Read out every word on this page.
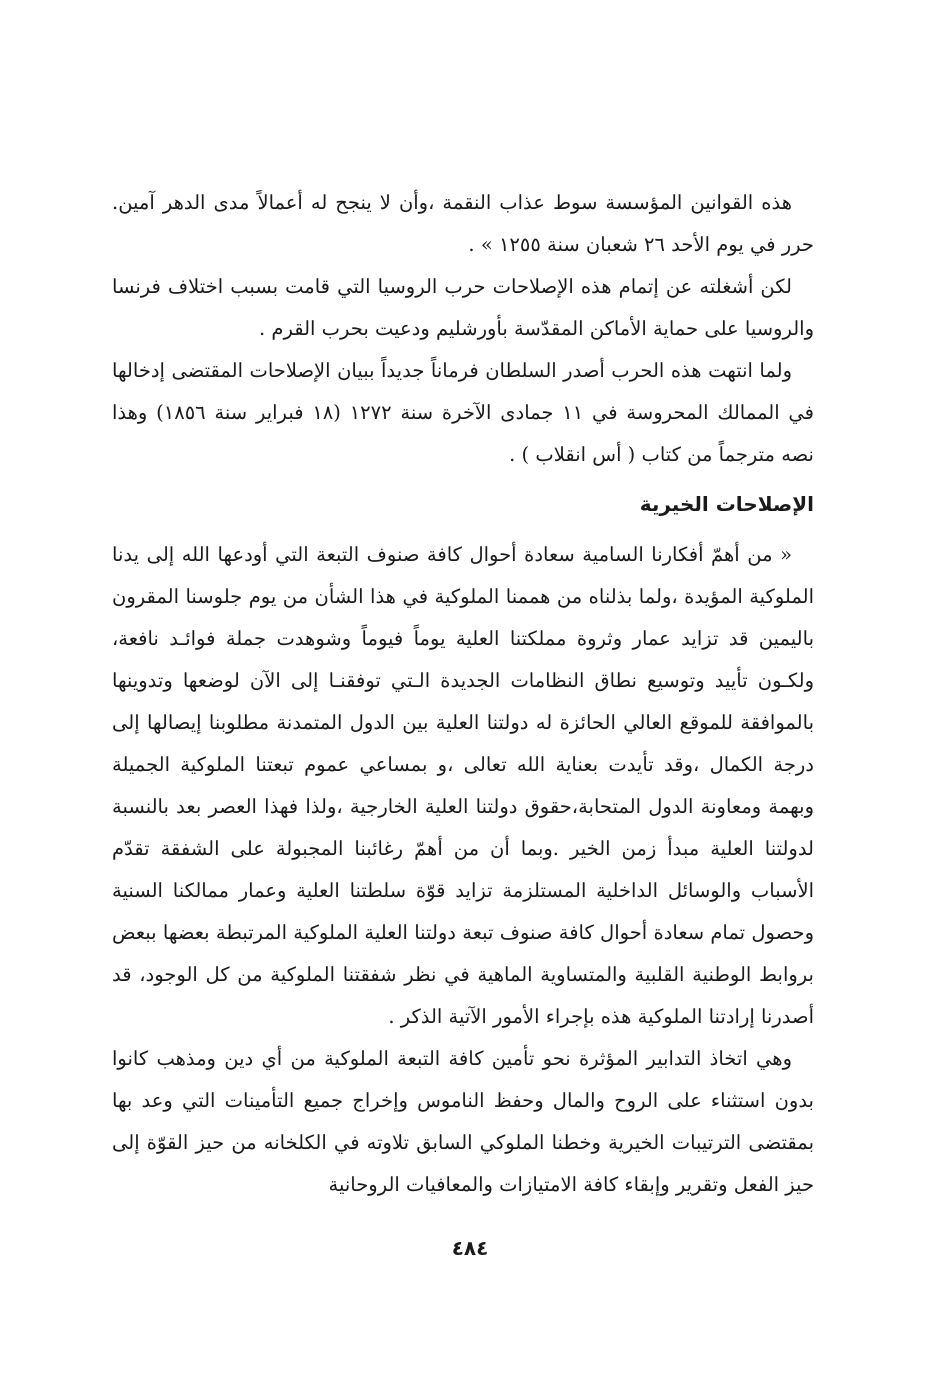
هذه القوانين المؤسسة سوط عذاب النقمة ،وأن لا ينجح له أعمالاً مدى الدهر آمين. حرر في يوم الأحد ٢٦ شعبان سنة ١٢٥٥ » .

لكن أشغلته عن إتمام هذه الإصلاحات حرب الروسيا التي قامت بسبب اختلاف فرنسا والروسيا على حماية الأماكن المقدّسة بأورشليم ودعيت بحرب القرم .

ولما انتهت هذه الحرب أصدر السلطان فرماناً جديداً ببيان الإصلاحات المقتضى إدخالها في الممالك المحروسة في ١١ جمادى الآخرة سنة ١٢٧٢ (١٨ فبراير سنة ١٨٥٦) وهذا نصه مترجماً من كتاب ( أس انقلاب ) .

الإصلاحات الخيرية

« من أهمّ أفكارنا السامية سعادة أحوال كافة صنوف التبعة التي أودعها الله إلى يدنا الملوكية المؤيدة ،ولما بذلناه من هممنا الملوكية في هذا الشأن من يوم جلوسنا المقرون باليمين قد تزايد عمار وثروة مملكتنا العلية يوماً فيوماً وشوهدت جملة فوائـد نافعة، ولكـون تأييد وتوسيع نطاق النظامات الجديدة الـتي توفقنـا إلى الآن لوضعها وتدوينها بالموافقة للموقع العالي الحائزة له دولتنا العلية بين الدول المتمدنة مطلوبنا إيصالها إلى درجة الكمال ،وقد تأيدت بعناية الله تعالى ،و بمساعي عموم تبعتنا الملوكية الجميلة وبهمة ومعاونة الدول المتحابة،حقوق دولتنا العلية الخارجية ،ولذا فهذا العصر بعد بالنسبة لدولتنا العلية مبدأ زمن الخير .وبما أن من أهمّ رغائبنا المجبولة على الشفقة تقدّم الأسباب والوسائل الداخلية المستلزمة تزايد قوّة سلطتنا العلية وعمار ممالكنا السنية وحصول تمام سعادة أحوال كافة صنوف تبعة دولتنا العلية الملوكية المرتبطة بعضها ببعض بروابط الوطنية القلبية والمتساوية الماهية في نظر شفقتنا الملوكية من كل الوجود، قد أصدرنا إرادتنا الملوكية هذه بإجراء الأمور الآتية الذكر .

وهي اتخاذ التدابير المؤثرة نحو تأمين كافة التبعة الملوكية من أي دين ومذهب كانوا بدون استثناء على الروح والمال وحفظ الناموس وإخراج جميع التأمينات التي وعد بها بمقتضى الترتيبات الخيرية وخطنا الملوكي السابق تلاوته في الكلخانه من حيز القوّة إلى حيز الفعل وتقرير وإبقاء كافة الامتيازات والمعافيات الروحانية

٤٨٤
